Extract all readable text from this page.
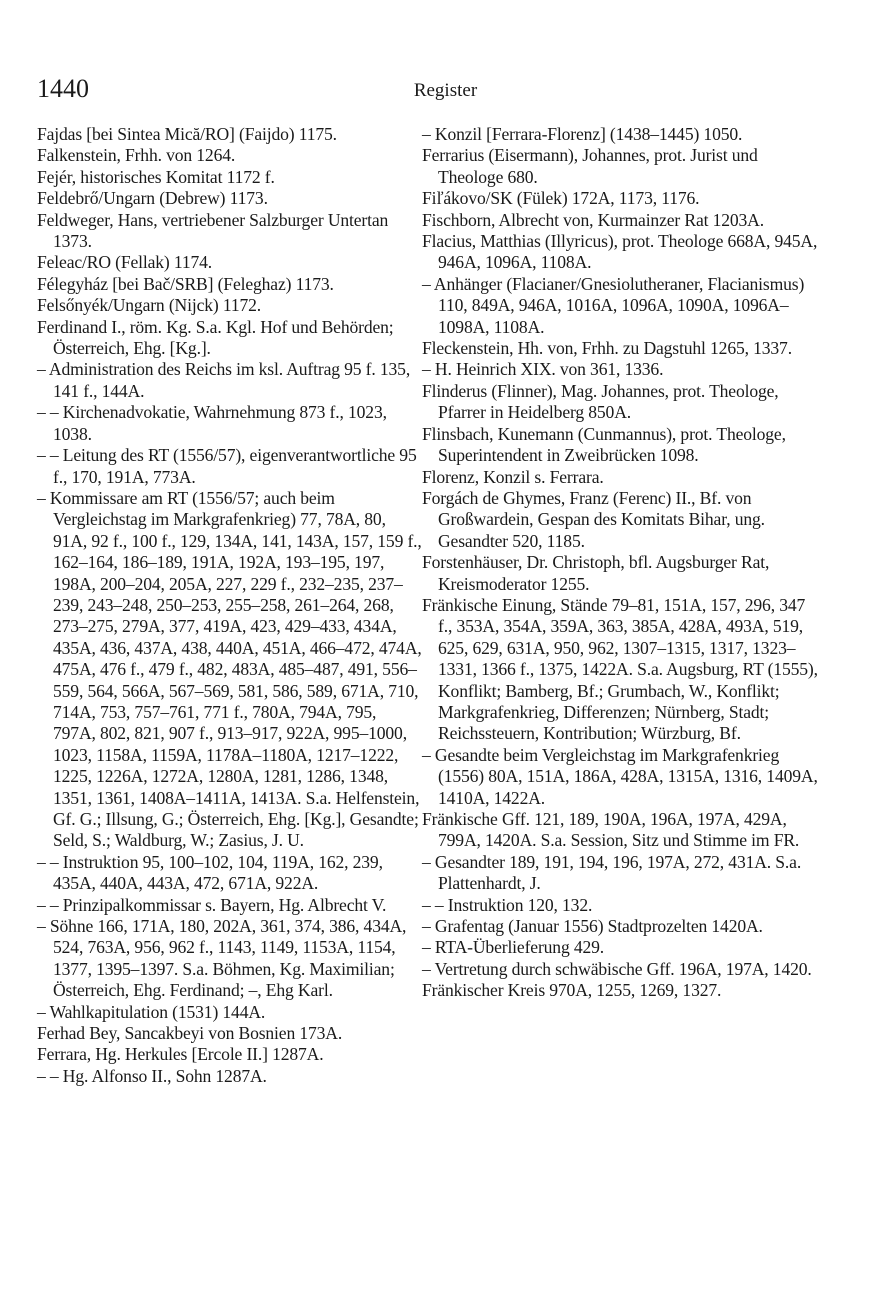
1440	Register

Fajdas [bei Sintea Mică/RO] (Faijdo) 1175.

Falkenstein, Frhh. von 1264.

Fejér, historisches Komitat 1172 f.

Feldebrő/Ungarn (Debrew) 1173.

Feldweger, Hans, vertriebener Salzburger Untertan 1373.

Feleac/RO (Fellak) 1174.

Félegyház [bei Bač/SRB] (Feleghaz) 1173.

Felsőnyék/Ungarn (Nijck) 1172.

Ferdinand I., röm. Kg. S.a. Kgl. Hof und Behörden; Österreich, Ehg. [Kg.].

– Administration des Reichs im ksl. Auftrag 95 f. 135, 141 f., 144A.

– – Kirchenadvokatie, Wahrnehmung 873 f., 1023, 1038.

– – Leitung des RT (1556/57), eigenverantwortliche 95 f., 170, 191A, 773A.

– Kommissare am RT (1556/57; auch beim Vergleichstag im Markgrafenkrieg) 77, 78A, 80, 91A, 92 f., 100 f., 129, 134A, 141, 143A, 157, 159 f., 162–164, 186–189, 191A, 192A, 193–195, 197, 198A, 200–204, 205A, 227, 229 f., 232–235, 237–239, 243–248, 250–253, 255–258, 261–264, 268, 273–275, 279A, 377, 419A, 423, 429–433, 434A, 435A, 436, 437A, 438, 440A, 451A, 466–472, 474A, 475A, 476 f., 479 f., 482, 483A, 485–487, 491, 556–559, 564, 566A, 567–569, 581, 586, 589, 671A, 710, 714A, 753, 757–761, 771 f., 780A, 794A, 795, 797A, 802, 821, 907 f., 913–917, 922A, 995–1000, 1023, 1158A, 1159A, 1178A–1180A, 1217–1222, 1225, 1226A, 1272A, 1280A, 1281, 1286, 1348, 1351, 1361, 1408A–1411A, 1413A. S.a. Helfenstein, Gf. G.; Illsung, G.; Österreich, Ehg. [Kg.], Gesandte; Seld, S.; Waldburg, W.; Zasius, J. U.

– – Instruktion 95, 100–102, 104, 119A, 162, 239, 435A, 440A, 443A, 472, 671A, 922A.

– – Prinzipalkommissar s. Bayern, Hg. Albrecht V.

– Söhne 166, 171A, 180, 202A, 361, 374, 386, 434A, 524, 763A, 956, 962 f., 1143, 1149, 1153A, 1154, 1377, 1395–1397. S.a. Böhmen, Kg. Maximilian; Österreich, Ehg. Ferdinand; –, Ehg Karl.

– Wahlkapitulation (1531) 144A.

Ferhad Bey, Sancakbeyi von Bosnien 173A.

Ferrara, Hg. Herkules [Ercole II.] 1287A.

– – Hg. Alfonso II., Sohn 1287A.

– Konzil [Ferrara-Florenz] (1438–1445) 1050.

Ferrarius (Eisermann), Johannes, prot. Jurist und Theologe 680.

Fiľákovo/SK (Fülek) 172A, 1173, 1176.

Fischborn, Albrecht von, Kurmainzer Rat 1203A.

Flacius, Matthias (Illyricus), prot. Theologe 668A, 945A, 946A, 1096A, 1108A.

– Anhänger (Flacianer/Gnesiolutheraner, Flacianismus) 110, 849A, 946A, 1016A, 1096A, 1090A, 1096A–1098A, 1108A.

Fleckenstein, Hh. von, Frhh. zu Dagstuhl 1265, 1337.

– H. Heinrich XIX. von 361, 1336.

Flinderus (Flinner), Mag. Johannes, prot. Theologe, Pfarrer in Heidelberg 850A.

Flinsbach, Kunemann (Cunmannus), prot. Theologe, Superintendent in Zweibrücken 1098.

Florenz, Konzil s. Ferrara.

Forgách de Ghymes, Franz (Ferenc) II., Bf. von Großwardein, Gespan des Komitats Bihar, ung. Gesandter 520, 1185.

Forstenhäuser, Dr. Christoph, bfl. Augsburger Rat, Kreismoderator 1255.

Fränkische Einung, Stände 79–81, 151A, 157, 296, 347 f., 353A, 354A, 359A, 363, 385A, 428A, 493A, 519, 625, 629, 631A, 950, 962, 1307–1315, 1317, 1323–1331, 1366 f., 1375, 1422A. S.a. Augsburg, RT (1555), Konflikt; Bamberg, Bf.; Grumbach, W., Konflikt; Markgrafenkrieg, Differenzen; Nürnberg, Stadt; Reichssteuern, Kontribution; Würzburg, Bf.

– Gesandte beim Vergleichstag im Markgrafenkrieg (1556) 80A, 151A, 186A, 428A, 1315A, 1316, 1409A, 1410A, 1422A.

Fränkische Gff. 121, 189, 190A, 196A, 197A, 429A, 799A, 1420A. S.a. Session, Sitz und Stimme im FR.

– Gesandter 189, 191, 194, 196, 197A, 272, 431A. S.a. Plattenhardt, J.

– – Instruktion 120, 132.

– Grafentag (Januar 1556) Stadtprozelten 1420A.

– RTA-Überlieferung 429.

– Vertretung durch schwäbische Gff. 196A, 197A, 1420.

Fränkischer Kreis 970A, 1255, 1269, 1327.
